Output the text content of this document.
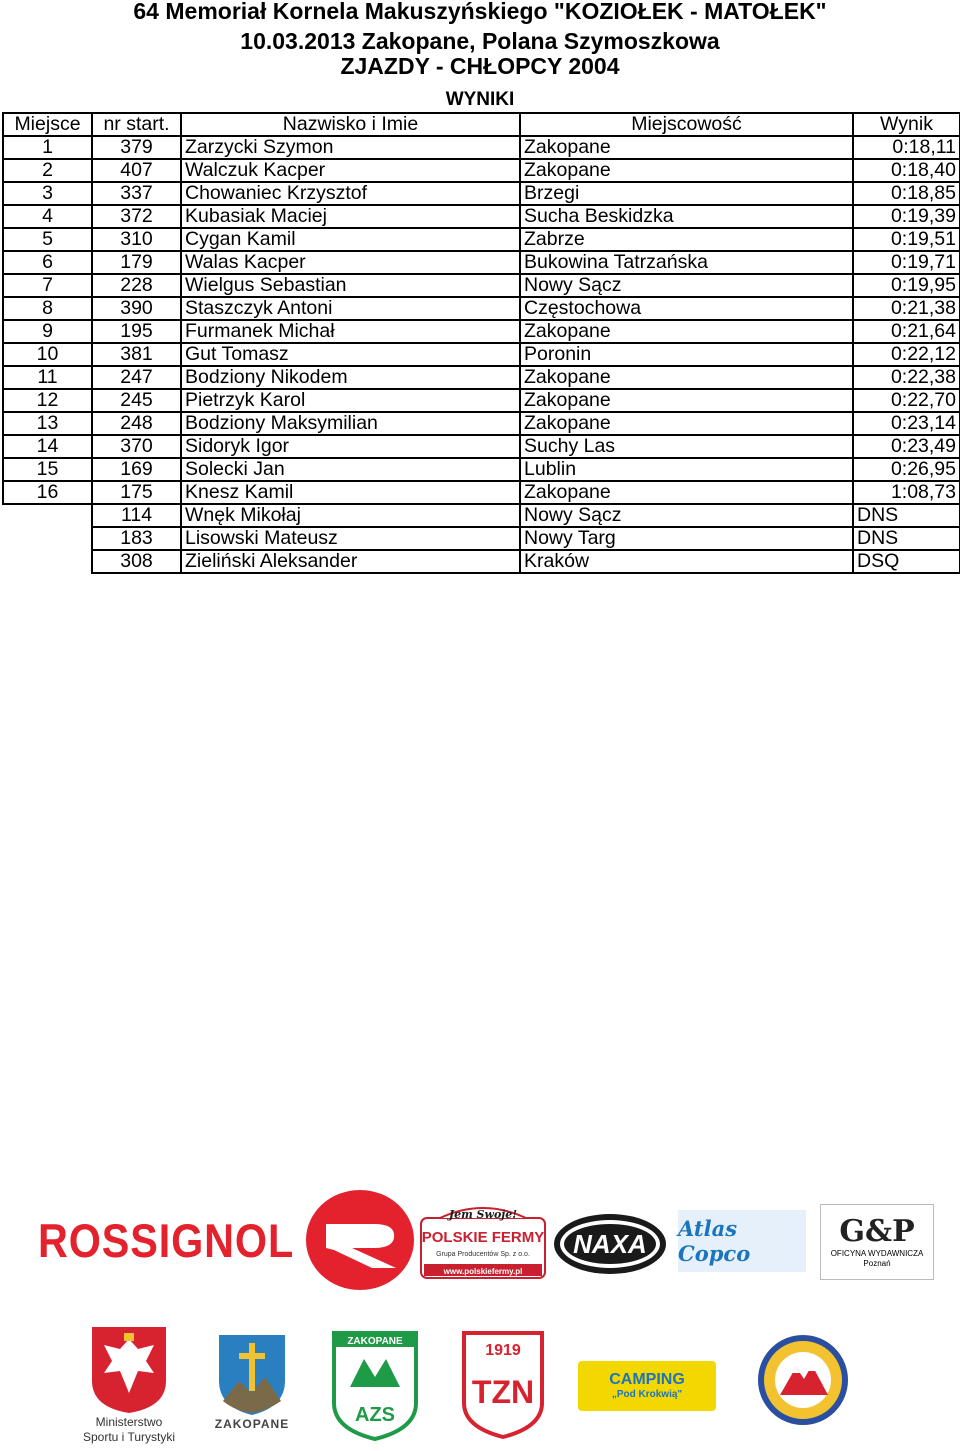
64 Memoriał Kornela Makuszyńskiego "KOZIOŁEK - MATOŁEK"
10.03.2013 Zakopane, Polana Szymoszkowa
ZJAZDY - CHŁOPCY 2004
WYNIKI
Miejsce	nr start.	Nazwisko i Imie	Miejscowość	Wynik
1	379	Zarzycki Szymon	Zakopane	0:18,11
2	407	Walczuk Kacper	Zakopane	0:18,40
3	337	Chowaniec Krzysztof	Brzegi	0:18,85
4	372	Kubasiak Maciej	Sucha Beskidzka	0:19,39
5	310	Cygan Kamil	Zabrze	0:19,51
6	179	Walas Kacper	Bukowina Tatrzańska	0:19,71
7	228	Wielgus Sebastian	Nowy Sącz	0:19,95
8	390	Staszczyk Antoni	Częstochowa	0:21,38
9	195	Furmanek Michał	Zakopane	0:21,64
10	381	Gut Tomasz	Poronin	0:22,12
11	247	Bodziony Nikodem	Zakopane	0:22,38
12	245	Pietrzyk Karol	Zakopane	0:22,70
13	248	Bodziony Maksymilian	Zakopane	0:23,14
14	370	Sidoryk Igor	Suchy Las	0:23,49
15	169	Solecki Jan	Lublin	0:26,95
16	175	Knesz Kamil	Zakopane	1:08,73
	114	Wnęk Mikołaj	Nowy Sącz	DNS
	183	Lisowski Mateusz	Nowy Targ	DNS
	308	Zieliński Aleksander	Kraków	DSQ
ROSSIGNOL	Jem Swoje!
POLSKIE FERMY
Grupa Producentów Sp. z o.o.
www.polskiefermy.pl
NAXA
Atlas Copco
G&P
OFICYNA WYDAWNICZA
Poznań
Ministerstwo
Sportu i Turystyki
ZAKOPANE
ZAKOPANE
AZS
1919
TZN	CAMPING
„Pod Krokwią"
